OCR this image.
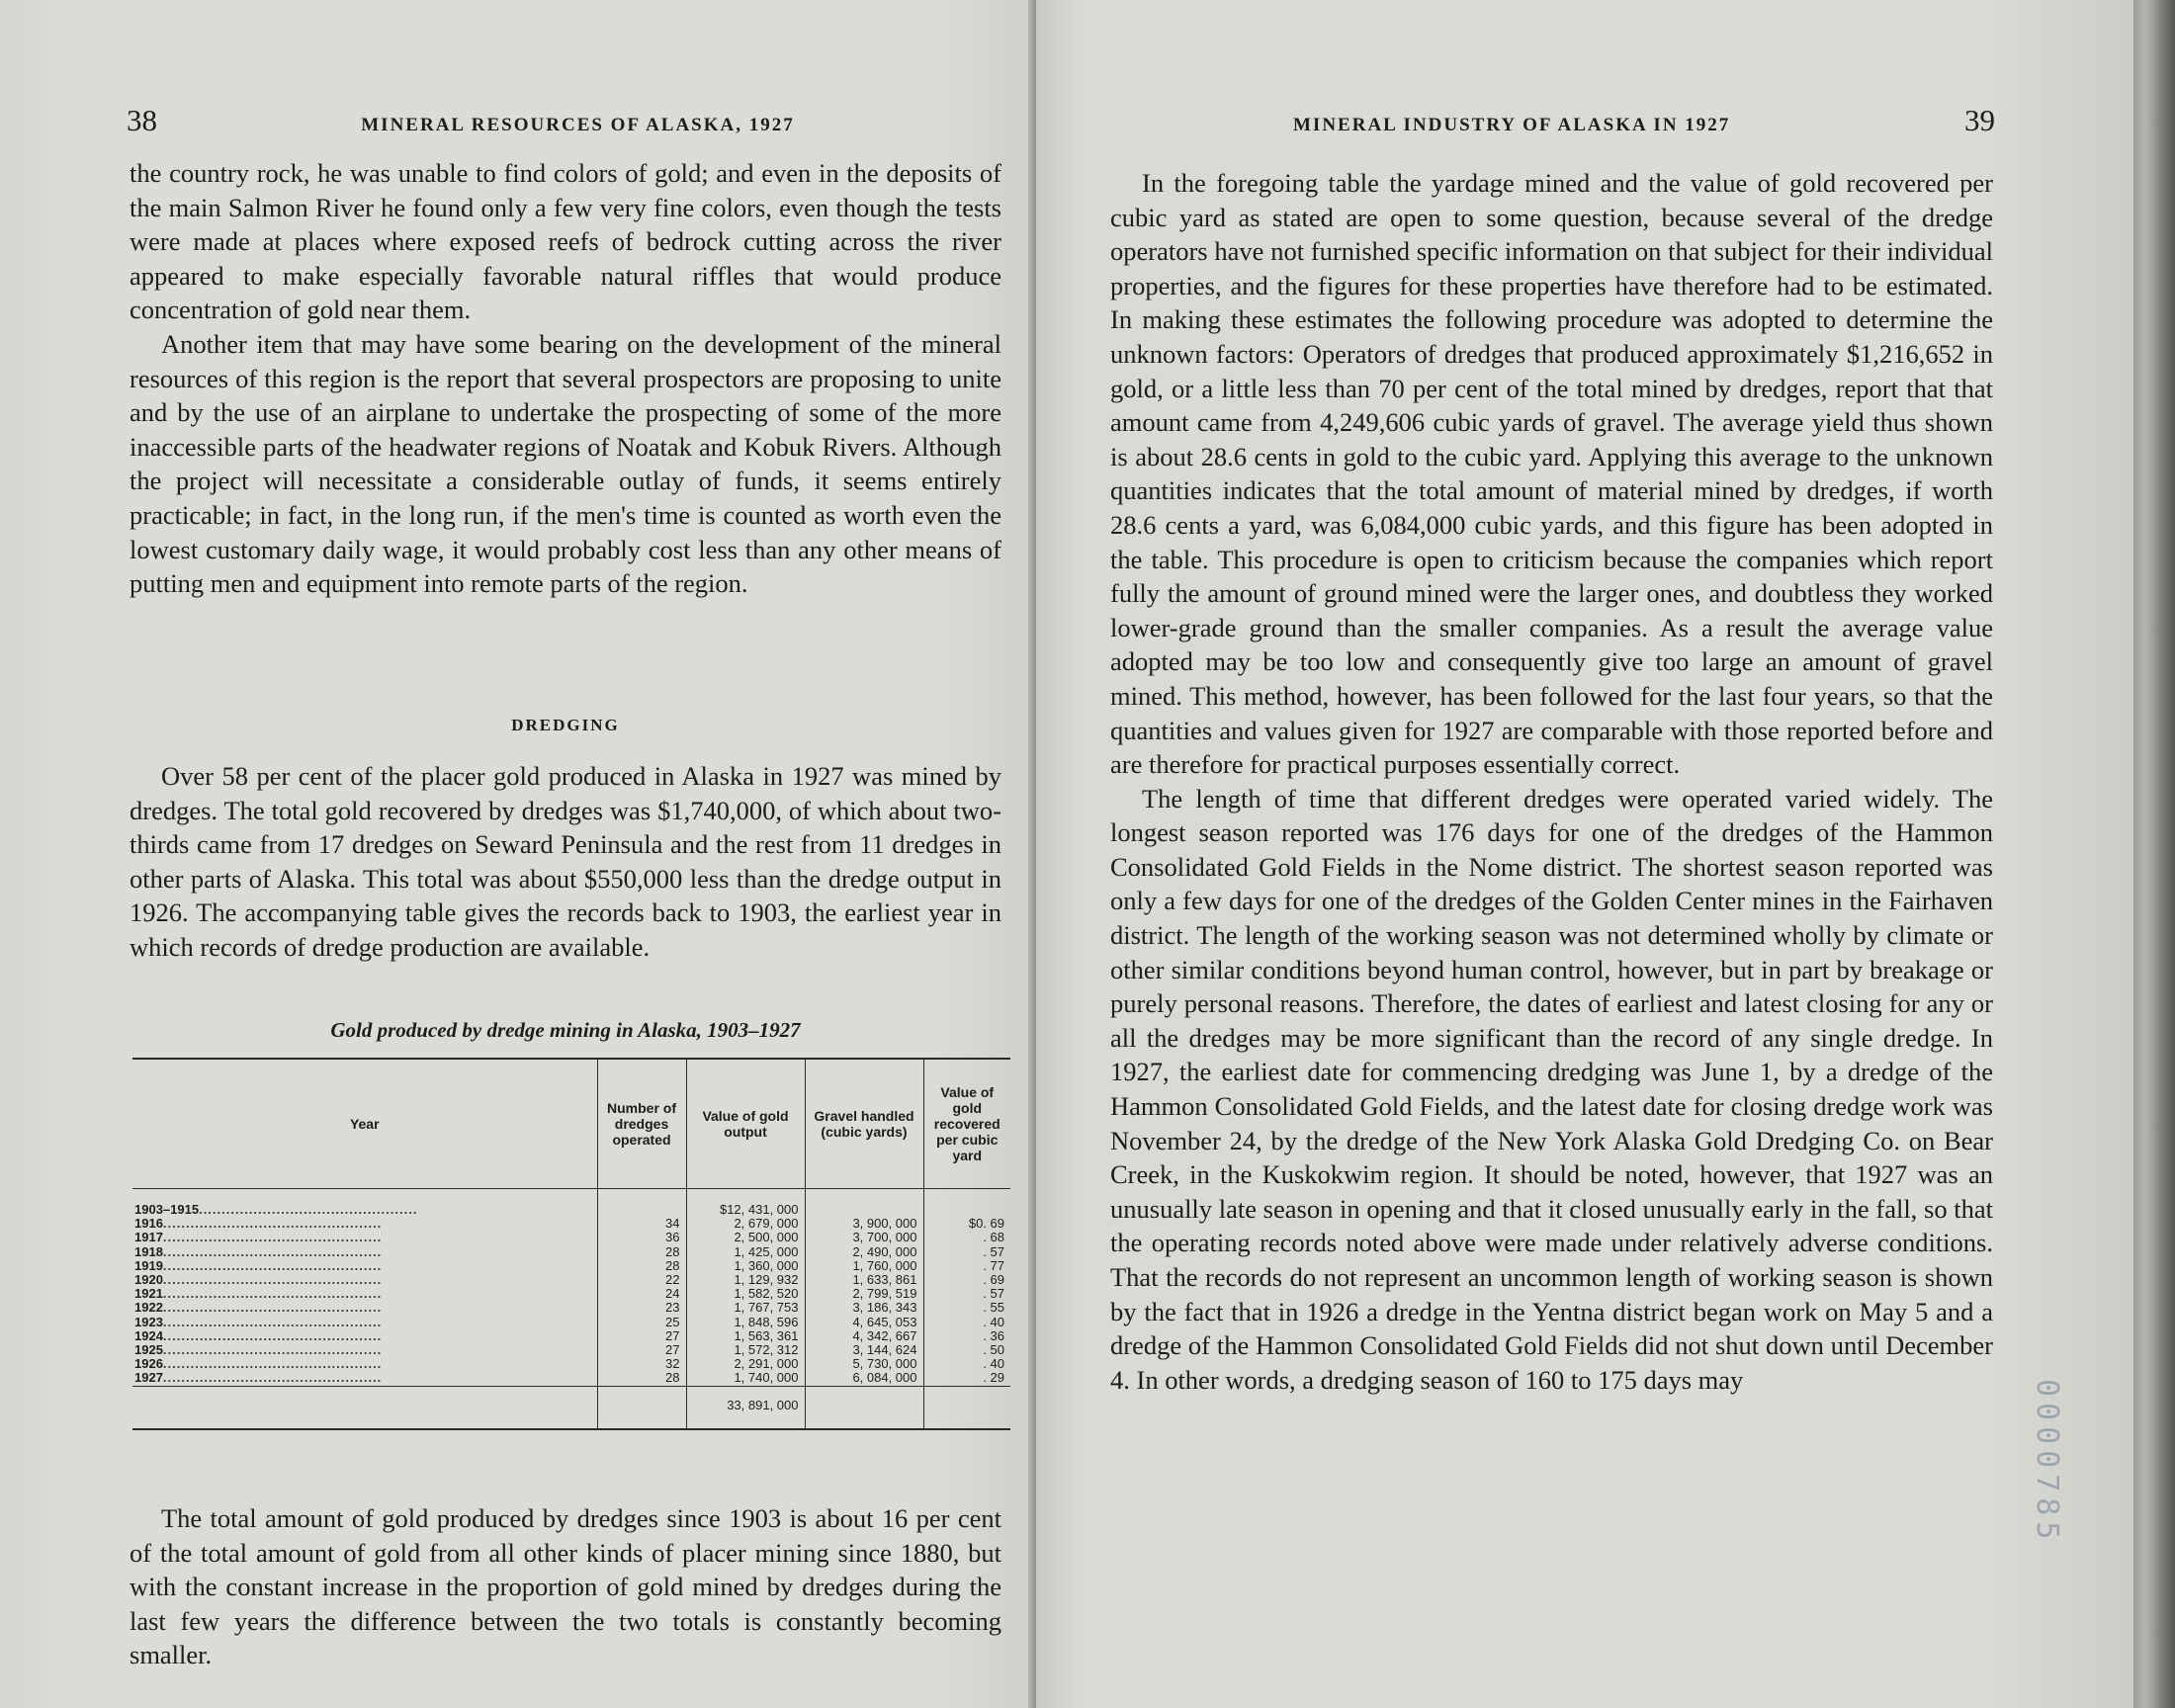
38	MINERAL RESOURCES OF ALASKA, 1927

the country rock, he was unable to find colors of gold; and even in the deposits of the main Salmon River he found only a few very fine colors, even though the tests were made at places where exposed reefs of bedrock cutting across the river appeared to make especially favorable natural riffles that would produce concentration of gold near them.

Another item that may have some bearing on the development of the mineral resources of this region is the report that several prospectors are proposing to unite and by the use of an airplane to undertake the prospecting of some of the more inaccessible parts of the headwater regions of Noatak and Kobuk Rivers. Although the project will necessitate a considerable outlay of funds, it seems entirely practicable; in fact, in the long run, if the men's time is counted as worth even the lowest customary daily wage, it would probably cost less than any other means of putting men and equipment into remote parts of the region.

DREDGING

Over 58 per cent of the placer gold produced in Alaska in 1927 was mined by dredges. The total gold recovered by dredges was $1,740,000, of which about two-thirds came from 17 dredges on Seward Peninsula and the rest from 11 dredges in other parts of Alaska. This total was about $550,000 less than the dredge output in 1926. The accompanying table gives the records back to 1903, the earliest year in which records of dredge production are available.

Gold produced by dredge mining in Alaska, 1903–1927
Year	Number of dredges operated	Value of gold output	Gravel handled (cubic yards)	Value of gold recovered per cubic yard
1903–1915................................................		$12, 431, 000		
1916................................................	34	2, 679, 000	3, 900, 000	$0. 69
1917................................................	36	2, 500, 000	3, 700, 000	. 68
1918................................................	28	1, 425, 000	2, 490, 000	. 57
1919................................................	28	1, 360, 000	1, 760, 000	. 77
1920................................................	22	1, 129, 932	1, 633, 861	. 69
1921................................................	24	1, 582, 520	2, 799, 519	. 57
1922................................................	23	1, 767, 753	3, 186, 343	. 55
1923................................................	25	1, 848, 596	4, 645, 053	. 40
1924................................................	27	1, 563, 361	4, 342, 667	. 36
1925................................................	27	1, 572, 312	3, 144, 624	. 50
1926................................................	32	2, 291, 000	5, 730, 000	. 40
1927................................................	28	1, 740, 000	6, 084, 000	. 29
		33, 891, 000		

The total amount of gold produced by dredges since 1903 is about 16 per cent of the total amount of gold from all other kinds of placer mining since 1880, but with the constant increase in the proportion of gold mined by dredges during the last few years the difference between the two totals is constantly becoming smaller.

MINERAL INDUSTRY OF ALASKA IN 1927	39

In the foregoing table the yardage mined and the value of gold recovered per cubic yard as stated are open to some question, because several of the dredge operators have not furnished specific information on that subject for their individual properties, and the figures for these properties have therefore had to be estimated. In making these estimates the following procedure was adopted to determine the unknown factors: Operators of dredges that produced approximately $1,216,652 in gold, or a little less than 70 per cent of the total mined by dredges, report that that amount came from 4,249,606 cubic yards of gravel. The average yield thus shown is about 28.6 cents in gold to the cubic yard. Applying this average to the unknown quantities indicates that the total amount of material mined by dredges, if worth 28.6 cents a yard, was 6,084,000 cubic yards, and this figure has been adopted in the table. This procedure is open to criticism because the companies which report fully the amount of ground mined were the larger ones, and doubtless they worked lower-grade ground than the smaller companies. As a result the average value adopted may be too low and consequently give too large an amount of gravel mined. This method, however, has been followed for the last four years, so that the quantities and values given for 1927 are comparable with those reported before and are therefore for practical purposes essentially correct.

The length of time that different dredges were operated varied widely. The longest season reported was 176 days for one of the dredges of the Hammon Consolidated Gold Fields in the Nome district. The shortest season reported was only a few days for one of the dredges of the Golden Center mines in the Fairhaven district. The length of the working season was not determined wholly by climate or other similar conditions beyond human control, however, but in part by breakage or purely personal reasons. Therefore, the dates of earliest and latest closing for any or all the dredges may be more significant than the record of any single dredge. In 1927, the earliest date for commencing dredging was June 1, by a dredge of the Hammon Consolidated Gold Fields, and the latest date for closing dredge work was November 24, by the dredge of the New York Alaska Gold Dredging Co. on Bear Creek, in the Kuskokwim region. It should be noted, however, that 1927 was an unusually late season in opening and that it closed unusually early in the fall, so that the operating records noted above were made under relatively adverse conditions. That the records do not represent an uncommon length of working season is shown by the fact that in 1926 a dredge in the Yentna district began work on May 5 and a dredge of the Hammon Consolidated Gold Fields did not shut down until December 4. In other words, a dredging season of 160 to 175 days may	0000785
